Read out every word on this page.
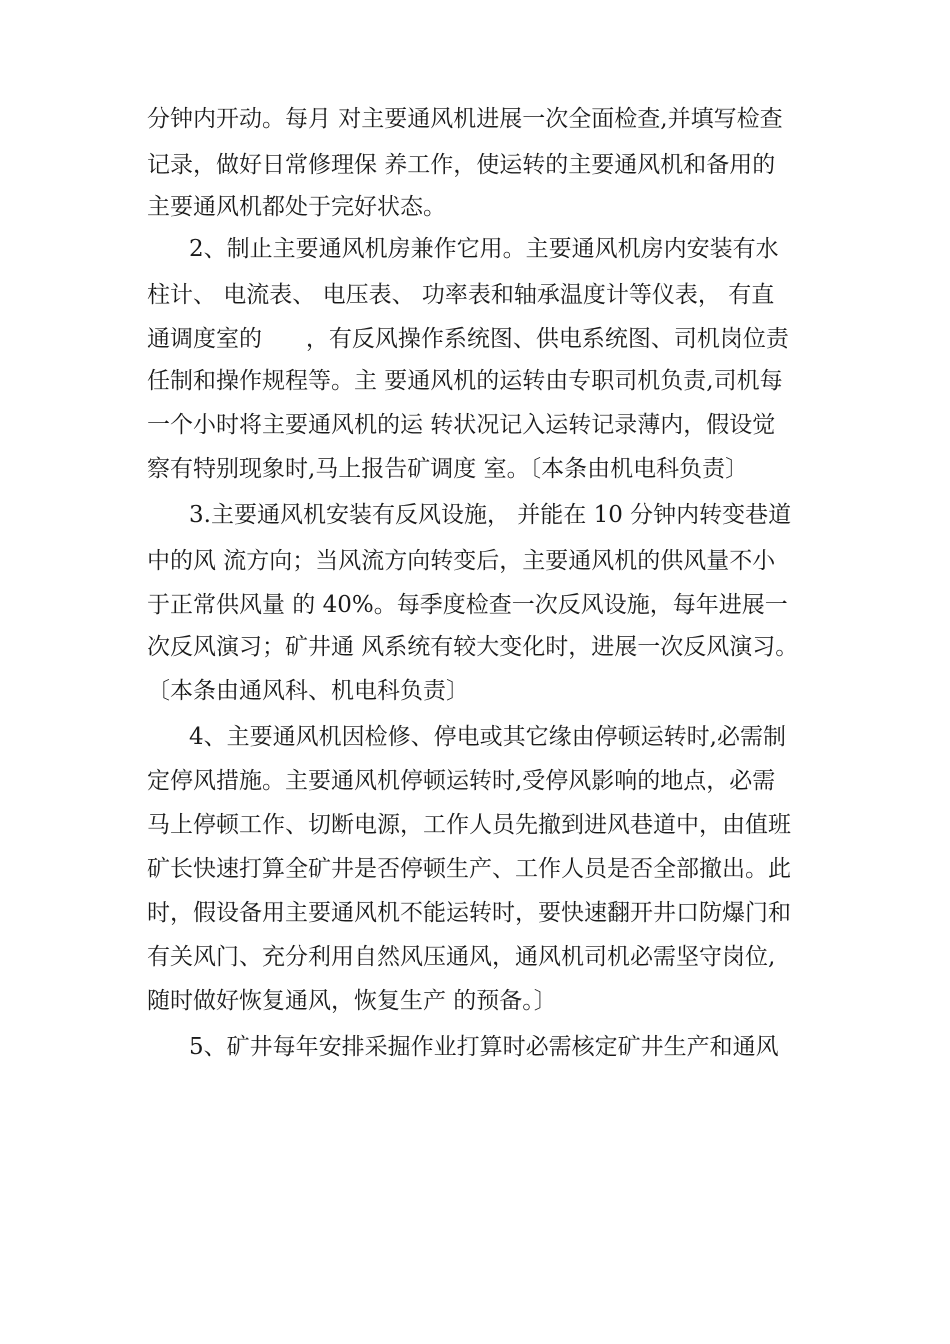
分钟内开动。每月 对主要通风机进展一次全面检查,并填写检查
记录，做好日常修理保 养工作，使运转的主要通风机和备用的
主要通风机都处于完好状态。
2、制止主要通风机房兼作它用。主要通风机房内安装有水
柱计、 电流表、 电压表、 功率表和轴承温度计等仪表， 有直
通调度室的      ，有反风操作系统图、供电系统图、司机岗位责
任制和操作规程等。主 要通风机的运转由专职司机负责,司机每
一个小时将主要通风机的运 转状况记入运转记录薄内，假设觉
察有特别现象时,马上报告矿调度 室。〔本条由机电科负责〕
3.主要通风机安装有反风设施， 并能在 10 分钟内转变巷道
中的风 流方向；当风流方向转变后，主要通风机的供风量不小
于正常供风量 的 40%。每季度检查一次反风设施，每年进展一
次反风演习；矿井通 风系统有较大变化时，进展一次反风演习。
〔本条由通风科、机电科负责〕
4、主要通风机因检修、停电或其它缘由停顿运转时,必需制
定停风措施。主要通风机停顿运转时,受停风影响的地点，必需
马上停顿工作、切断电源，工作人员先撤到进风巷道中，由值班
矿长快速打算全矿井是否停顿生产、工作人员是否全部撤出。此
时，假设备用主要通风机不能运转时，要快速翻开井口防爆门和
有关风门、充分利用自然风压通风，通风机司机必需坚守岗位,
随时做好恢复通风，恢复生产 的预备。〕
5、矿井每年安排采掘作业打算时必需核定矿井生产和通风
